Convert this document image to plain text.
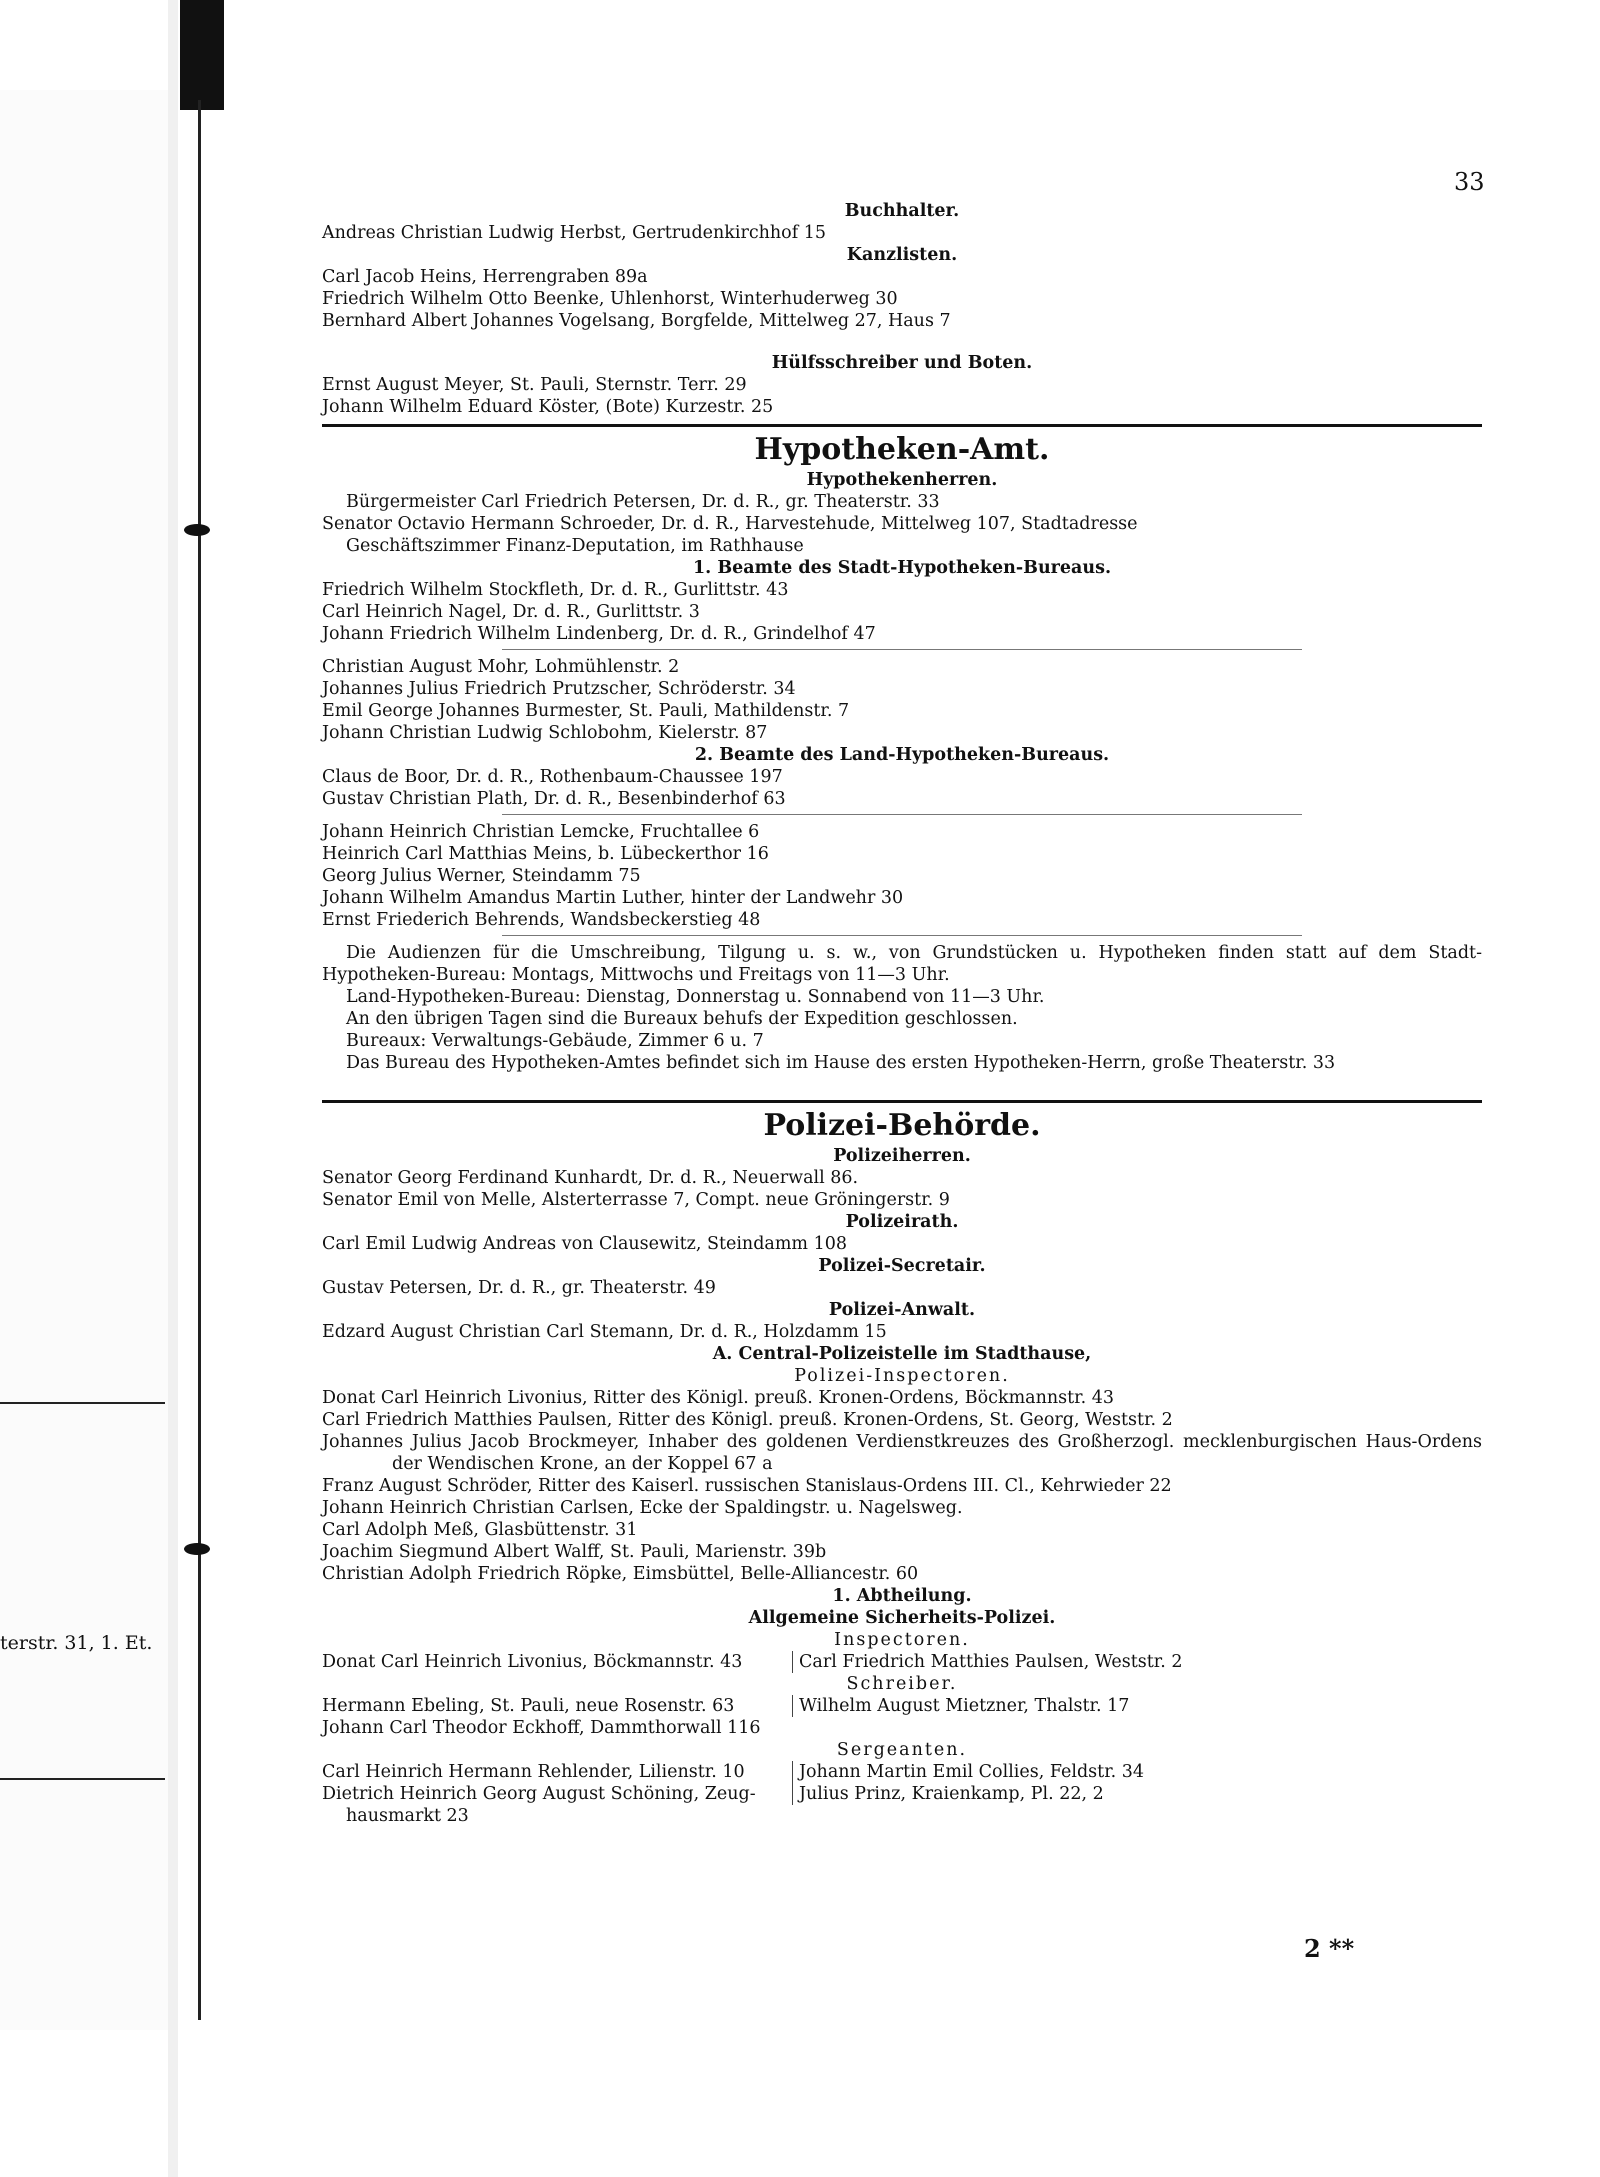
terstr. 31, 1. Et.
33
Buchhalter.
Andreas Christian Ludwig Herbst, Gertrudenkirchhof 15
Kanzlisten.
Carl Jacob Heins, Herrengraben 89a
Friedrich Wilhelm Otto Beenke, Uhlenhorst, Winterhuderweg 30
Bernhard Albert Johannes Vogelsang, Borgfelde, Mittelweg 27, Haus 7
Hülfsschreiber und Boten.
Ernst August Meyer, St. Pauli, Sternstr. Terr. 29
Johann Wilhelm Eduard Köster, (Bote) Kurzestr. 25
Hypotheken-Amt.
Hypothekenherren.
Bürgermeister Carl Friedrich Petersen, Dr. d. R., gr. Theaterstr. 33
Senator Octavio Hermann Schroeder, Dr. d. R., Harvestehude, Mittelweg 107, Stadtadresse
Geschäftszimmer Finanz-Deputation, im Rathhause
1. Beamte des Stadt-Hypotheken-Bureaus.
Friedrich Wilhelm Stockfleth, Dr. d. R., Gurlittstr. 43
Carl Heinrich Nagel, Dr. d. R., Gurlittstr. 3
Johann Friedrich Wilhelm Lindenberg, Dr. d. R., Grindelhof 47
Christian August Mohr, Lohmühlenstr. 2
Johannes Julius Friedrich Prutzscher, Schröderstr. 34
Emil George Johannes Burmester, St. Pauli, Mathildenstr. 7
Johann Christian Ludwig Schlobohm, Kielerstr. 87
2. Beamte des Land-Hypotheken-Bureaus.
Claus de Boor, Dr. d. R., Rothenbaum-Chaussee 197
Gustav Christian Plath, Dr. d. R., Besenbinderhof 63
Johann Heinrich Christian Lemcke, Fruchtallee 6
Heinrich Carl Matthias Meins, b. Lübeckerthor 16
Georg Julius Werner, Steindamm 75
Johann Wilhelm Amandus Martin Luther, hinter der Landwehr 30
Ernst Friederich Behrends, Wandsbeckerstieg 48
Die Audienzen für die Umschreibung, Tilgung u. s. w., von Grundstücken u. Hypotheken finden statt auf dem Stadt-Hypotheken-Bureau: Montags, Mittwochs und Freitags von 11—3 Uhr.
Land-Hypotheken-Bureau: Dienstag, Donnerstag u. Sonnabend von 11—3 Uhr.
An den übrigen Tagen sind die Bureaux behufs der Expedition geschlossen.
Bureaux: Verwaltungs-Gebäude, Zimmer 6 u. 7
Das Bureau des Hypotheken-Amtes befindet sich im Hause des ersten Hypotheken-Herrn, große Theaterstr. 33
Polizei-Behörde.
Polizeiherren.
Senator Georg Ferdinand Kunhardt, Dr. d. R., Neuerwall 86.
Senator Emil von Melle, Alsterterrasse 7, Compt. neue Gröningerstr. 9
Polizeirath.
Carl Emil Ludwig Andreas von Clausewitz, Steindamm 108
Polizei-Secretair.
Gustav Petersen, Dr. d. R., gr. Theaterstr. 49
Polizei-Anwalt.
Edzard August Christian Carl Stemann, Dr. d. R., Holzdamm 15
A. Central-Polizeistelle im Stadthause,
Polizei-Inspectoren.
Donat Carl Heinrich Livonius, Ritter des Königl. preuß. Kronen-Ordens, Böckmannstr. 43
Carl Friedrich Matthies Paulsen, Ritter des Königl. preuß. Kronen-Ordens, St. Georg, Weststr. 2
Johannes Julius Jacob Brockmeyer, Inhaber des goldenen Verdienstkreuzes des Großherzogl. mecklenburgischen Haus-Ordens der Wendischen Krone, an der Koppel 67 a
Franz August Schröder, Ritter des Kaiserl. russischen Stanislaus-Ordens III. Cl., Kehrwieder 22
Johann Heinrich Christian Carlsen, Ecke der Spaldingstr. u. Nagelsweg.
Carl Adolph Meß, Glasbüttenstr. 31
Joachim Siegmund Albert Walff, St. Pauli, Marienstr. 39b
Christian Adolph Friedrich Röpke, Eimsbüttel, Belle-Alliancestr. 60
1. Abtheilung.
Allgemeine Sicherheits-Polizei.
Inspectoren.
Donat Carl Heinrich Livonius, Böckmannstr. 43	Carl Friedrich Matthies Paulsen, Weststr. 2
Schreiber.
Hermann Ebeling, St. Pauli, neue Rosenstr. 63	Wilhelm August Mietzner, Thalstr. 17
Johann Carl Theodor Eckhoff, Dammthorwall 116
Sergeanten.
Carl Heinrich Hermann Rehlender, Lilienstr. 10	Johann Martin Emil Collies, Feldstr. 34
Dietrich Heinrich Georg August Schöning, Zeug-	Julius Prinz, Kraienkamp, Pl. 22, 2
hausmarkt 23
2 **
